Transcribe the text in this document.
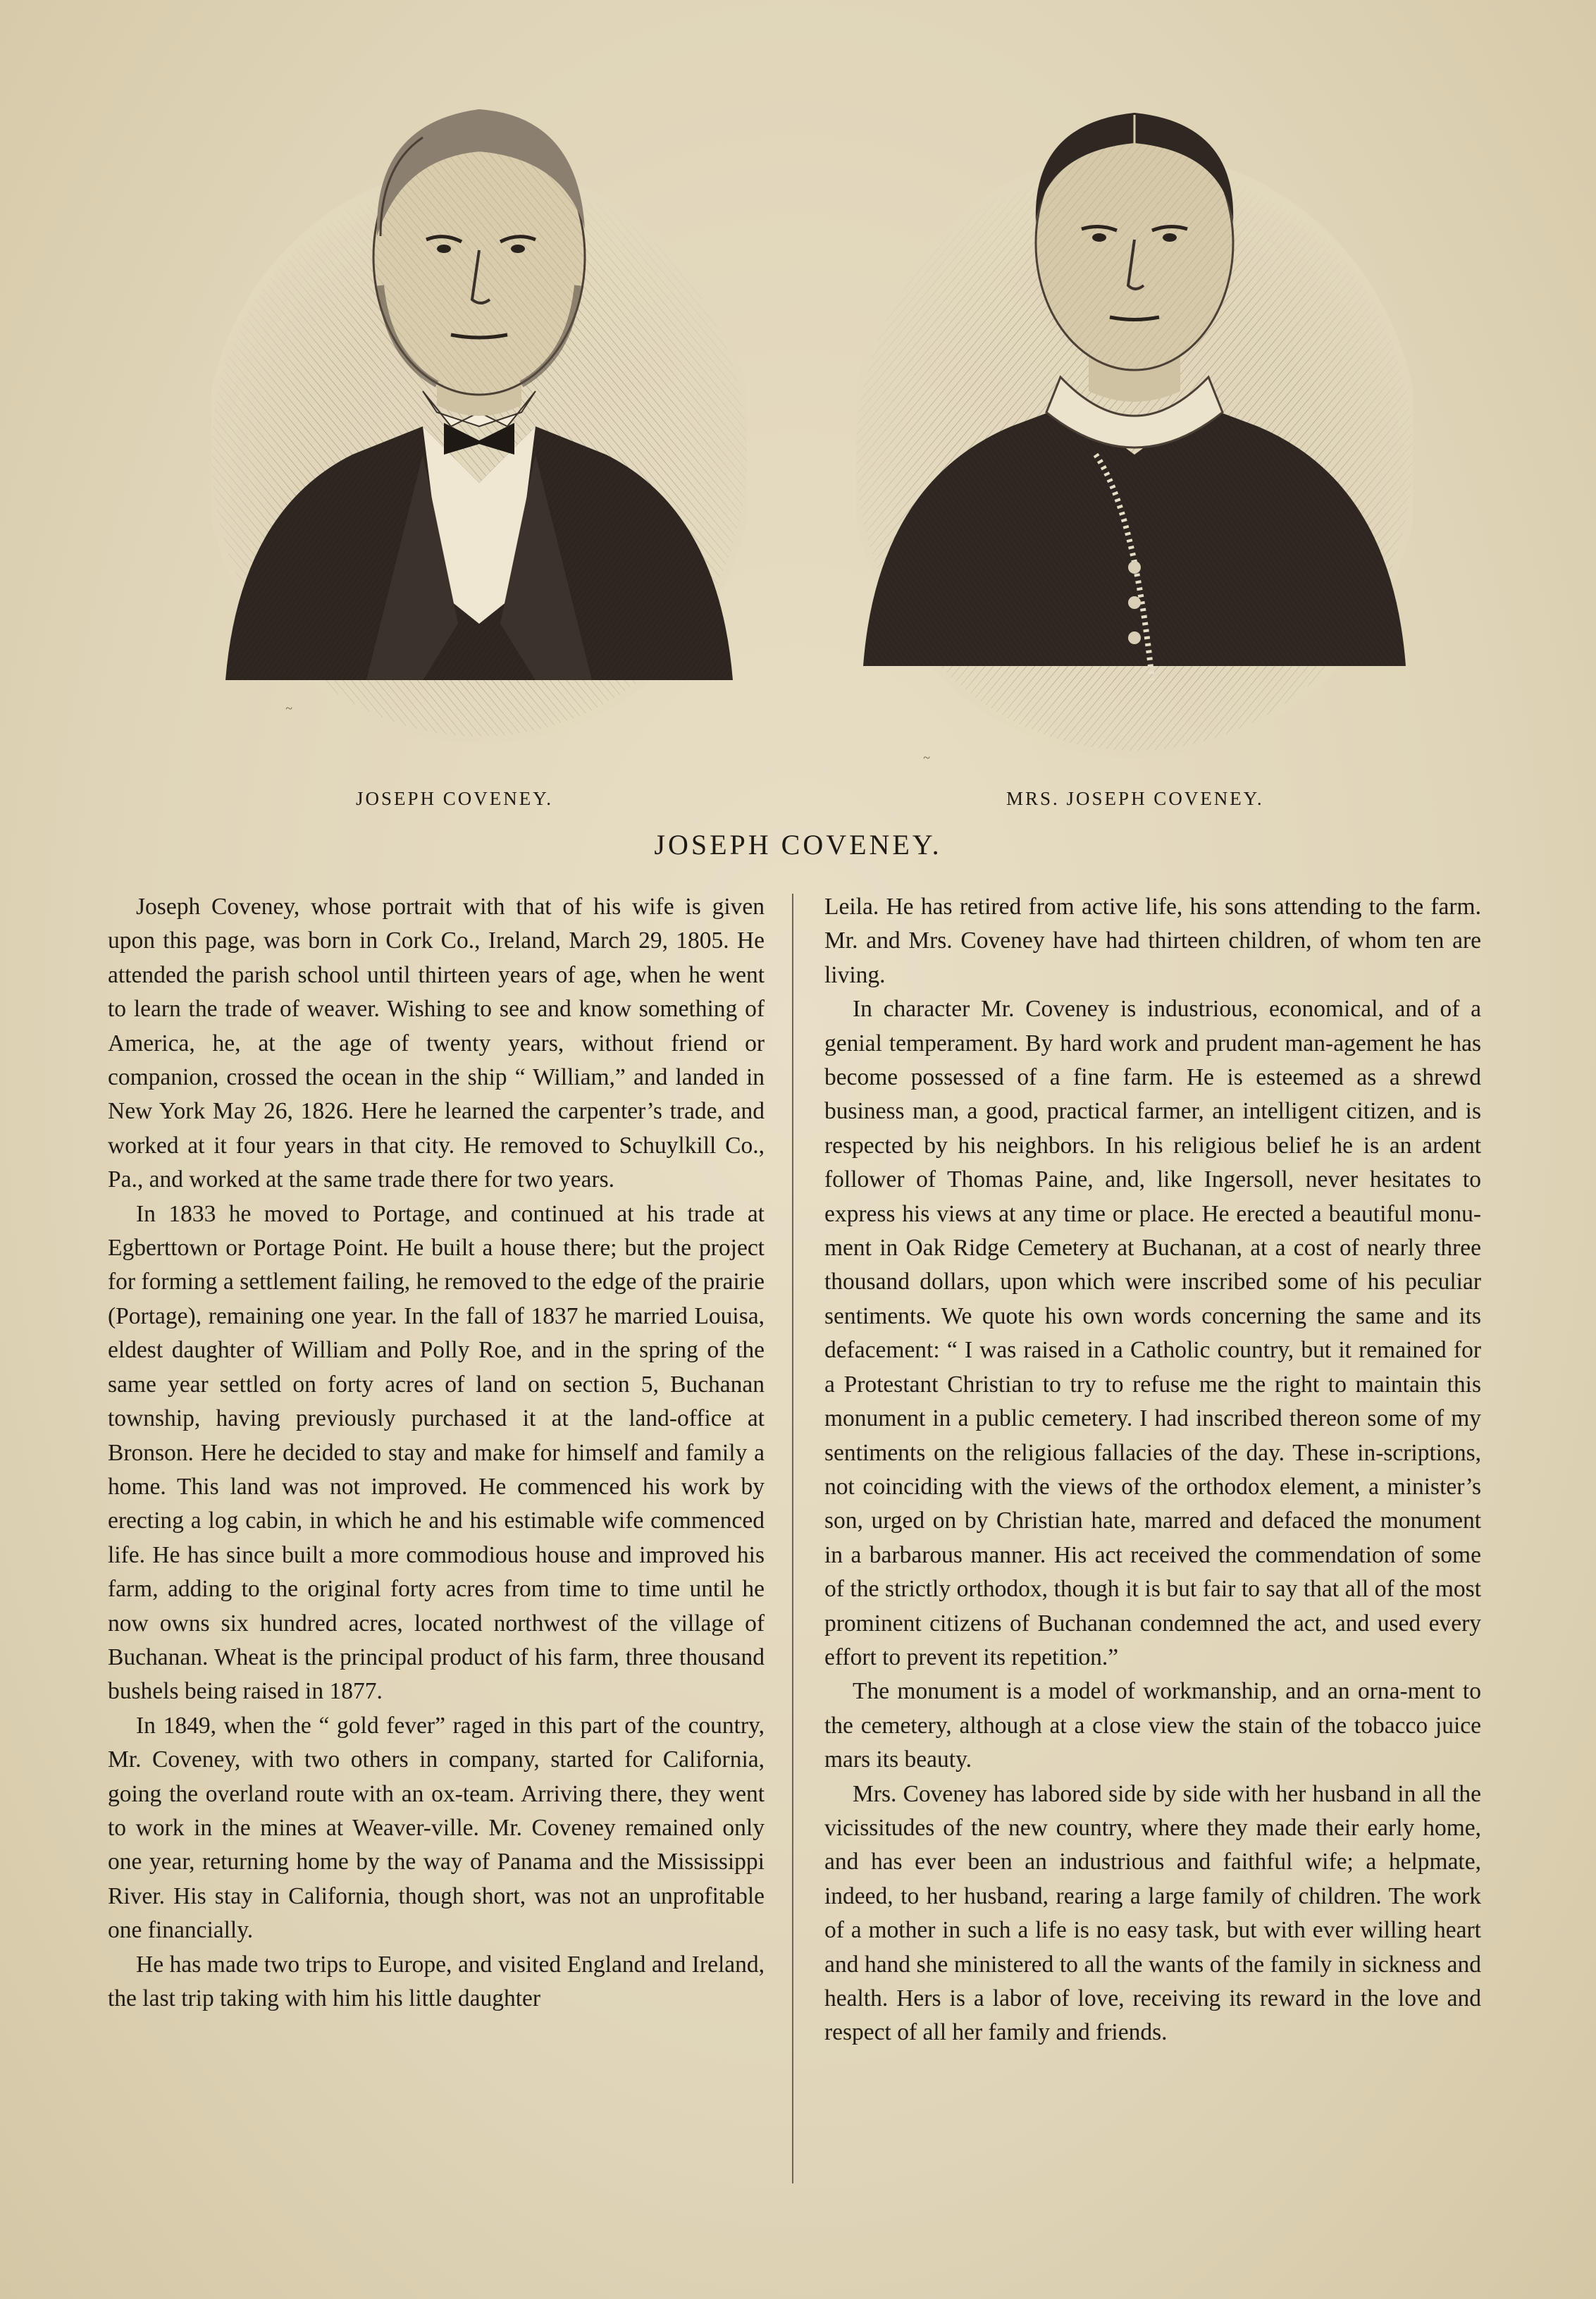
~
~
JOSEPH COVENEY.	MRS. JOSEPH COVENEY.
JOSEPH COVENEY.

Joseph Coveney, whose portrait with that of his wife is given upon this page, was born in Cork Co., Ireland, March 29, 1805. He attended the parish school until thirteen years of age, when he went to learn the trade of weaver. Wishing to see and know something of America, he, at the age of twenty years, without friend or companion, crossed the ocean in the ship “ William,” and landed in New York May 26, 1826. Here he learned the carpenter’s trade, and worked at it four years in that city. He removed to Schuylkill Co., Pa., and worked at the same trade there for two years.

In 1833 he moved to Portage, and continued at his trade at Egberttown or Portage Point. He built a house there; but the project for forming a settlement failing, he removed to the edge of the prairie (Portage), remaining one year. In the fall of 1837 he married Louisa, eldest daughter of William and Polly Roe, and in the spring of the same year settled on forty acres of land on section 5, Buchanan township, having previously purchased it at the land-office at Bronson. Here he decided to stay and make for himself and family a home. This land was not improved. He commenced his work by erecting a log cabin, in which he and his estimable wife commenced life. He has since built a more commodious house and improved his farm, adding to the original forty acres from time to time until he now owns six hundred acres, located northwest of the village of Buchanan. Wheat is the principal product of his farm, three thousand bushels being raised in 1877.

In 1849, when the “ gold fever” raged in this part of the country, Mr. Coveney, with two others in company, started for California, going the overland route with an ox-team. Arriving there, they went to work in the mines at Weaver-ville. Mr. Coveney remained only one year, returning home by the way of Panama and the Mississippi River. His stay in California, though short, was not an unprofitable one financially.

He has made two trips to Europe, and visited England and Ireland, the last trip taking with him his little daughter

Leila. He has retired from active life, his sons attending to the farm. Mr. and Mrs. Coveney have had thirteen children, of whom ten are living.

In character Mr. Coveney is industrious, economical, and of a genial temperament. By hard work and prudent man-agement he has become possessed of a fine farm. He is esteemed as a shrewd business man, a good, practical farmer, an intelligent citizen, and is respected by his neighbors. In his religious belief he is an ardent follower of Thomas Paine, and, like Ingersoll, never hesitates to express his views at any time or place. He erected a beautiful monu-ment in Oak Ridge Cemetery at Buchanan, at a cost of nearly three thousand dollars, upon which were inscribed some of his peculiar sentiments. We quote his own words concerning the same and its defacement: “ I was raised in a Catholic country, but it remained for a Protestant Christian to try to refuse me the right to maintain this monument in a public cemetery. I had inscribed thereon some of my sentiments on the religious fallacies of the day. These in-scriptions, not coinciding with the views of the orthodox element, a minister’s son, urged on by Christian hate, marred and defaced the monument in a barbarous manner. His act received the commendation of some of the strictly orthodox, though it is but fair to say that all of the most prominent citizens of Buchanan condemned the act, and used every effort to prevent its repetition.”

The monument is a model of workmanship, and an orna-ment to the cemetery, although at a close view the stain of the tobacco juice mars its beauty.

Mrs. Coveney has labored side by side with her husband in all the vicissitudes of the new country, where they made their early home, and has ever been an industrious and faithful wife; a helpmate, indeed, to her husband, rearing a large family of children. The work of a mother in such a life is no easy task, but with ever willing heart and hand she ministered to all the wants of the family in sickness and health. Hers is a labor of love, receiving its reward in the love and respect of all her family and friends.
